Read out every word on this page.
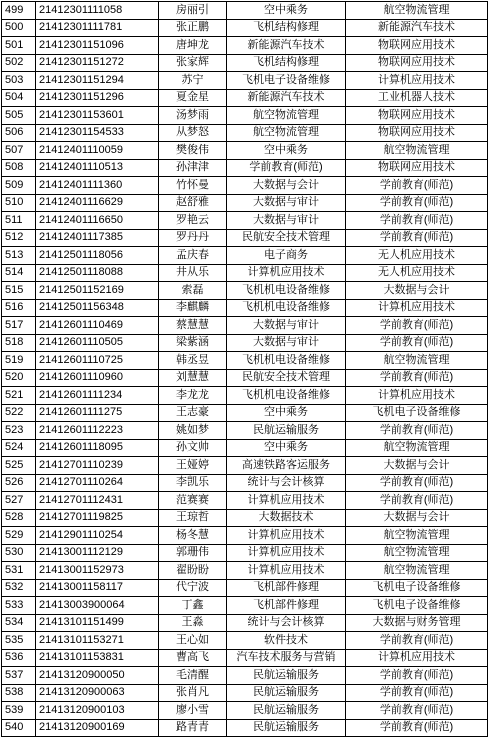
499	21412301111058	房丽引	空中乘务	航空物流管理
500	21412301111781	张正鹏	飞机结构修理	新能源汽车技术
501	21412301151096	唐坤龙	新能源汽车技术	物联网应用技术
502	21412301151272	张家辉	飞机结构修理	物联网应用技术
503	21412301151294	苏宁	飞机电子设备维修	计算机应用技术
504	21412301151296	夏金星	新能源汽车技术	工业机器人技术
505	21412301153601	汤梦雨	航空物流管理	物联网应用技术
506	21412301154533	从梦怒	航空物流管理	物联网应用技术
507	21412401110059	樊俊伟	空中乘务	航空物流管理
508	21412401110513	孙津津	学前教育(师范)	物联网应用技术
509	21412401111360	竹怀曼	大数据与会计	学前教育(师范)
510	21412401116629	赵舒雅	大数据与审计	学前教育(师范)
511	21412401116650	罗艳云	大数据与审计	学前教育(师范)
512	21412401117385	罗丹丹	民航安全技术管理	学前教育(师范)
513	21412501118056	孟庆春	电子商务	无人机应用技术
514	21412501118088	井从乐	计算机应用技术	无人机应用技术
515	21412501152169	索磊	飞机机电设备维修	大数据与会计
516	21412501156348	李麒麟	飞机机电设备维修	计算机应用技术
517	21412601110469	蔡慧慧	大数据与审计	学前教育(师范)
518	21412601110505	梁紫涵	大数据与审计	学前教育(师范)
519	21412601110725	韩丞昱	飞机机电设备维修	航空物流管理
520	21412601110960	刘慧慧	民航安全技术管理	学前教育(师范)
521	21412601111234	李龙龙	飞机机电设备维修	计算机应用技术
522	21412601111275	王志豪	空中乘务	飞机电子设备维修
523	21412601112223	姚如梦	民航运输服务	学前教育(师范)
524	21412601118095	孙文帅	空中乘务	航空物流管理
525	21412701110239	王娅婷	高速铁路客运服务	大数据与会计
526	21412701110264	李凯乐	统计与会计核算	学前教育(师范)
527	21412701112431	范赛赛	计算机应用技术	学前教育(师范)
528	21412701119825	王琼哲	大数据技术	大数据与会计
529	21412901110254	杨冬慧	计算机应用技术	航空物流管理
530	21413001112129	郭珊伟	计算机应用技术	航空物流管理
531	21413001152973	翟盼盼	计算机应用技术	航空物流管理
532	21413001158117	代宁波	飞机部件修理	飞机电子设备维修
533	21413003900064	丁鑫	飞机部件修理	飞机电子设备维修
534	21413101151499	王淼	统计与会计核算	大数据与财务管理
535	21413101153271	王心如	软件技术	学前教育(师范)
536	21413101153831	曹高飞	汽车技术服务与营销	计算机应用技术
537	21413120900050	毛清醒	民航运输服务	学前教育(师范)
538	21413120900063	张肖凡	民航运输服务	学前教育(师范)
539	21413120900103	廖小雪	民航运输服务	学前教育(师范)
540	21413120900169	路青青	民航运输服务	学前教育(师范)
